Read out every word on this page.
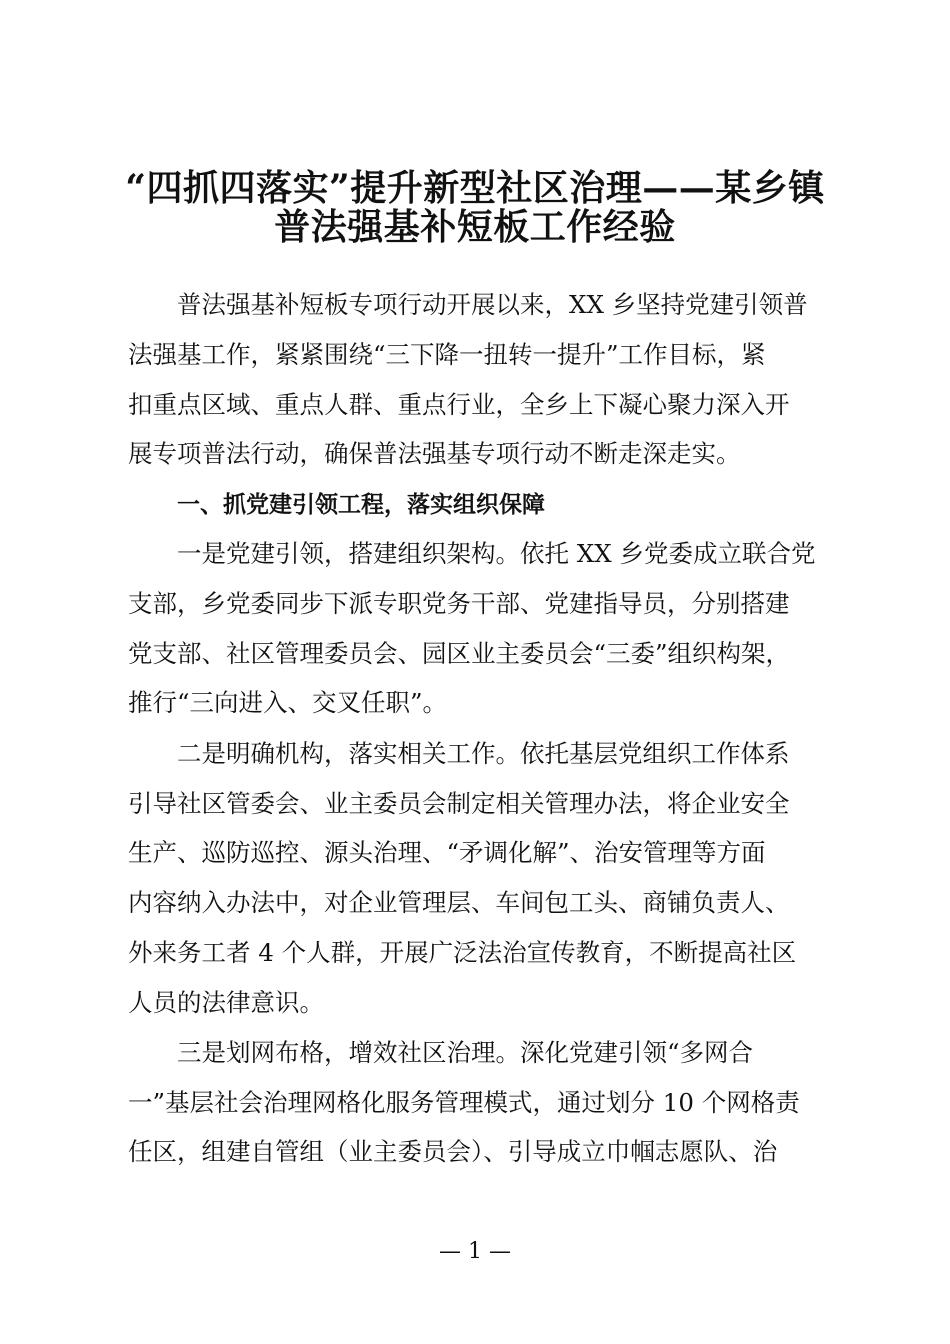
“四抓四落实”提升新型社区治理——某乡镇
普法强基补短板工作经验
普法强基补短板专项行动开展以来，XX 乡坚持党建引领普
法强基工作，紧紧围绕“三下降一扭转一提升”工作目标，紧
扣重点区域、重点人群、重点行业，全乡上下凝心聚力深入开
展专项普法行动，确保普法强基专项行动不断走深走实。
一、抓党建引领工程，落实组织保障
一是党建引领，搭建组织架构。依托 XX 乡党委成立联合党
支部，乡党委同步下派专职党务干部、党建指导员，分别搭建
党支部、社区管理委员会、园区业主委员会“三委”组织构架，
推行“三向进入、交叉任职”。
二是明确机构，落实相关工作。依托基层党组织工作体系
引导社区管委会、业主委员会制定相关管理办法，将企业安全
生产、巡防巡控、源头治理、“矛调化解”、治安管理等方面
内容纳入办法中，对企业管理层、车间包工头、商铺负责人、
外来务工者 4 个人群，开展广泛法治宣传教育，不断提高社区
人员的法律意识。
三是划网布格，增效社区治理。深化党建引领“多网合
一”基层社会治理网格化服务管理模式，通过划分 10 个网格责
任区，组建自管组（业主委员会）、引导成立巾帼志愿队、治
— 1 —
